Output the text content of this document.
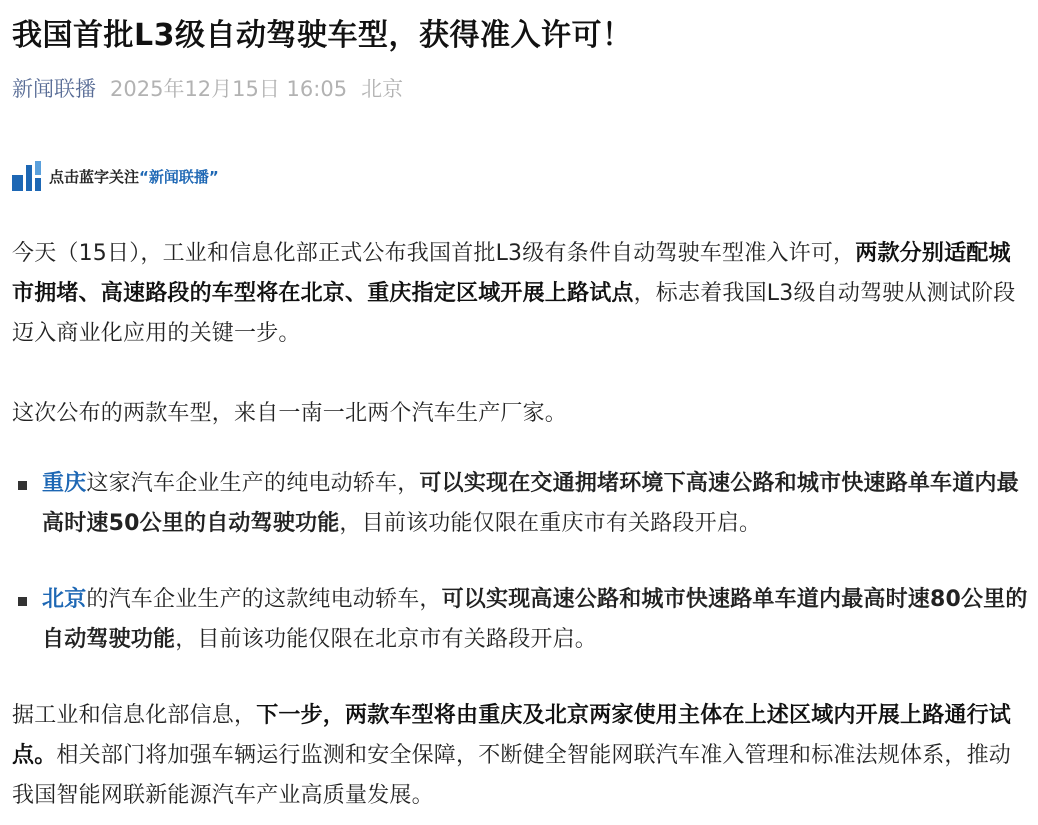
我国首批L3级自动驾驶车型，获得准入许可！
新闻联播 2025年12月15日 16:05 北京
点击蓝字关注“新闻联播”

今天（15日），工业和信息化部正式公布我国首批L3级有条件自动驾驶车型准入许可，两款分别适配城市拥堵、高速路段的车型将在北京、重庆指定区域开展上路试点，标志着我国L3级自动驾驶从测试阶段迈入商业化应用的关键一步。

这次公布的两款车型，来自一南一北两个汽车生产厂家。

重庆这家汽车企业生产的纯电动轿车，可以实现在交通拥堵环境下高速公路和城市快速路单车道内最高时速50公里的自动驾驶功能，目前该功能仅限在重庆市有关路段开启。

北京的汽车企业生产的这款纯电动轿车，可以实现高速公路和城市快速路单车道内最高时速80公里的自动驾驶功能，目前该功能仅限在北京市有关路段开启。

据工业和信息化部信息，下一步，两款车型将由重庆及北京两家使用主体在上述区域内开展上路通行试点。相关部门将加强车辆运行监测和安全保障，不断健全智能网联汽车准入管理和标准法规体系，推动我国智能网联新能源汽车产业高质量发展。
